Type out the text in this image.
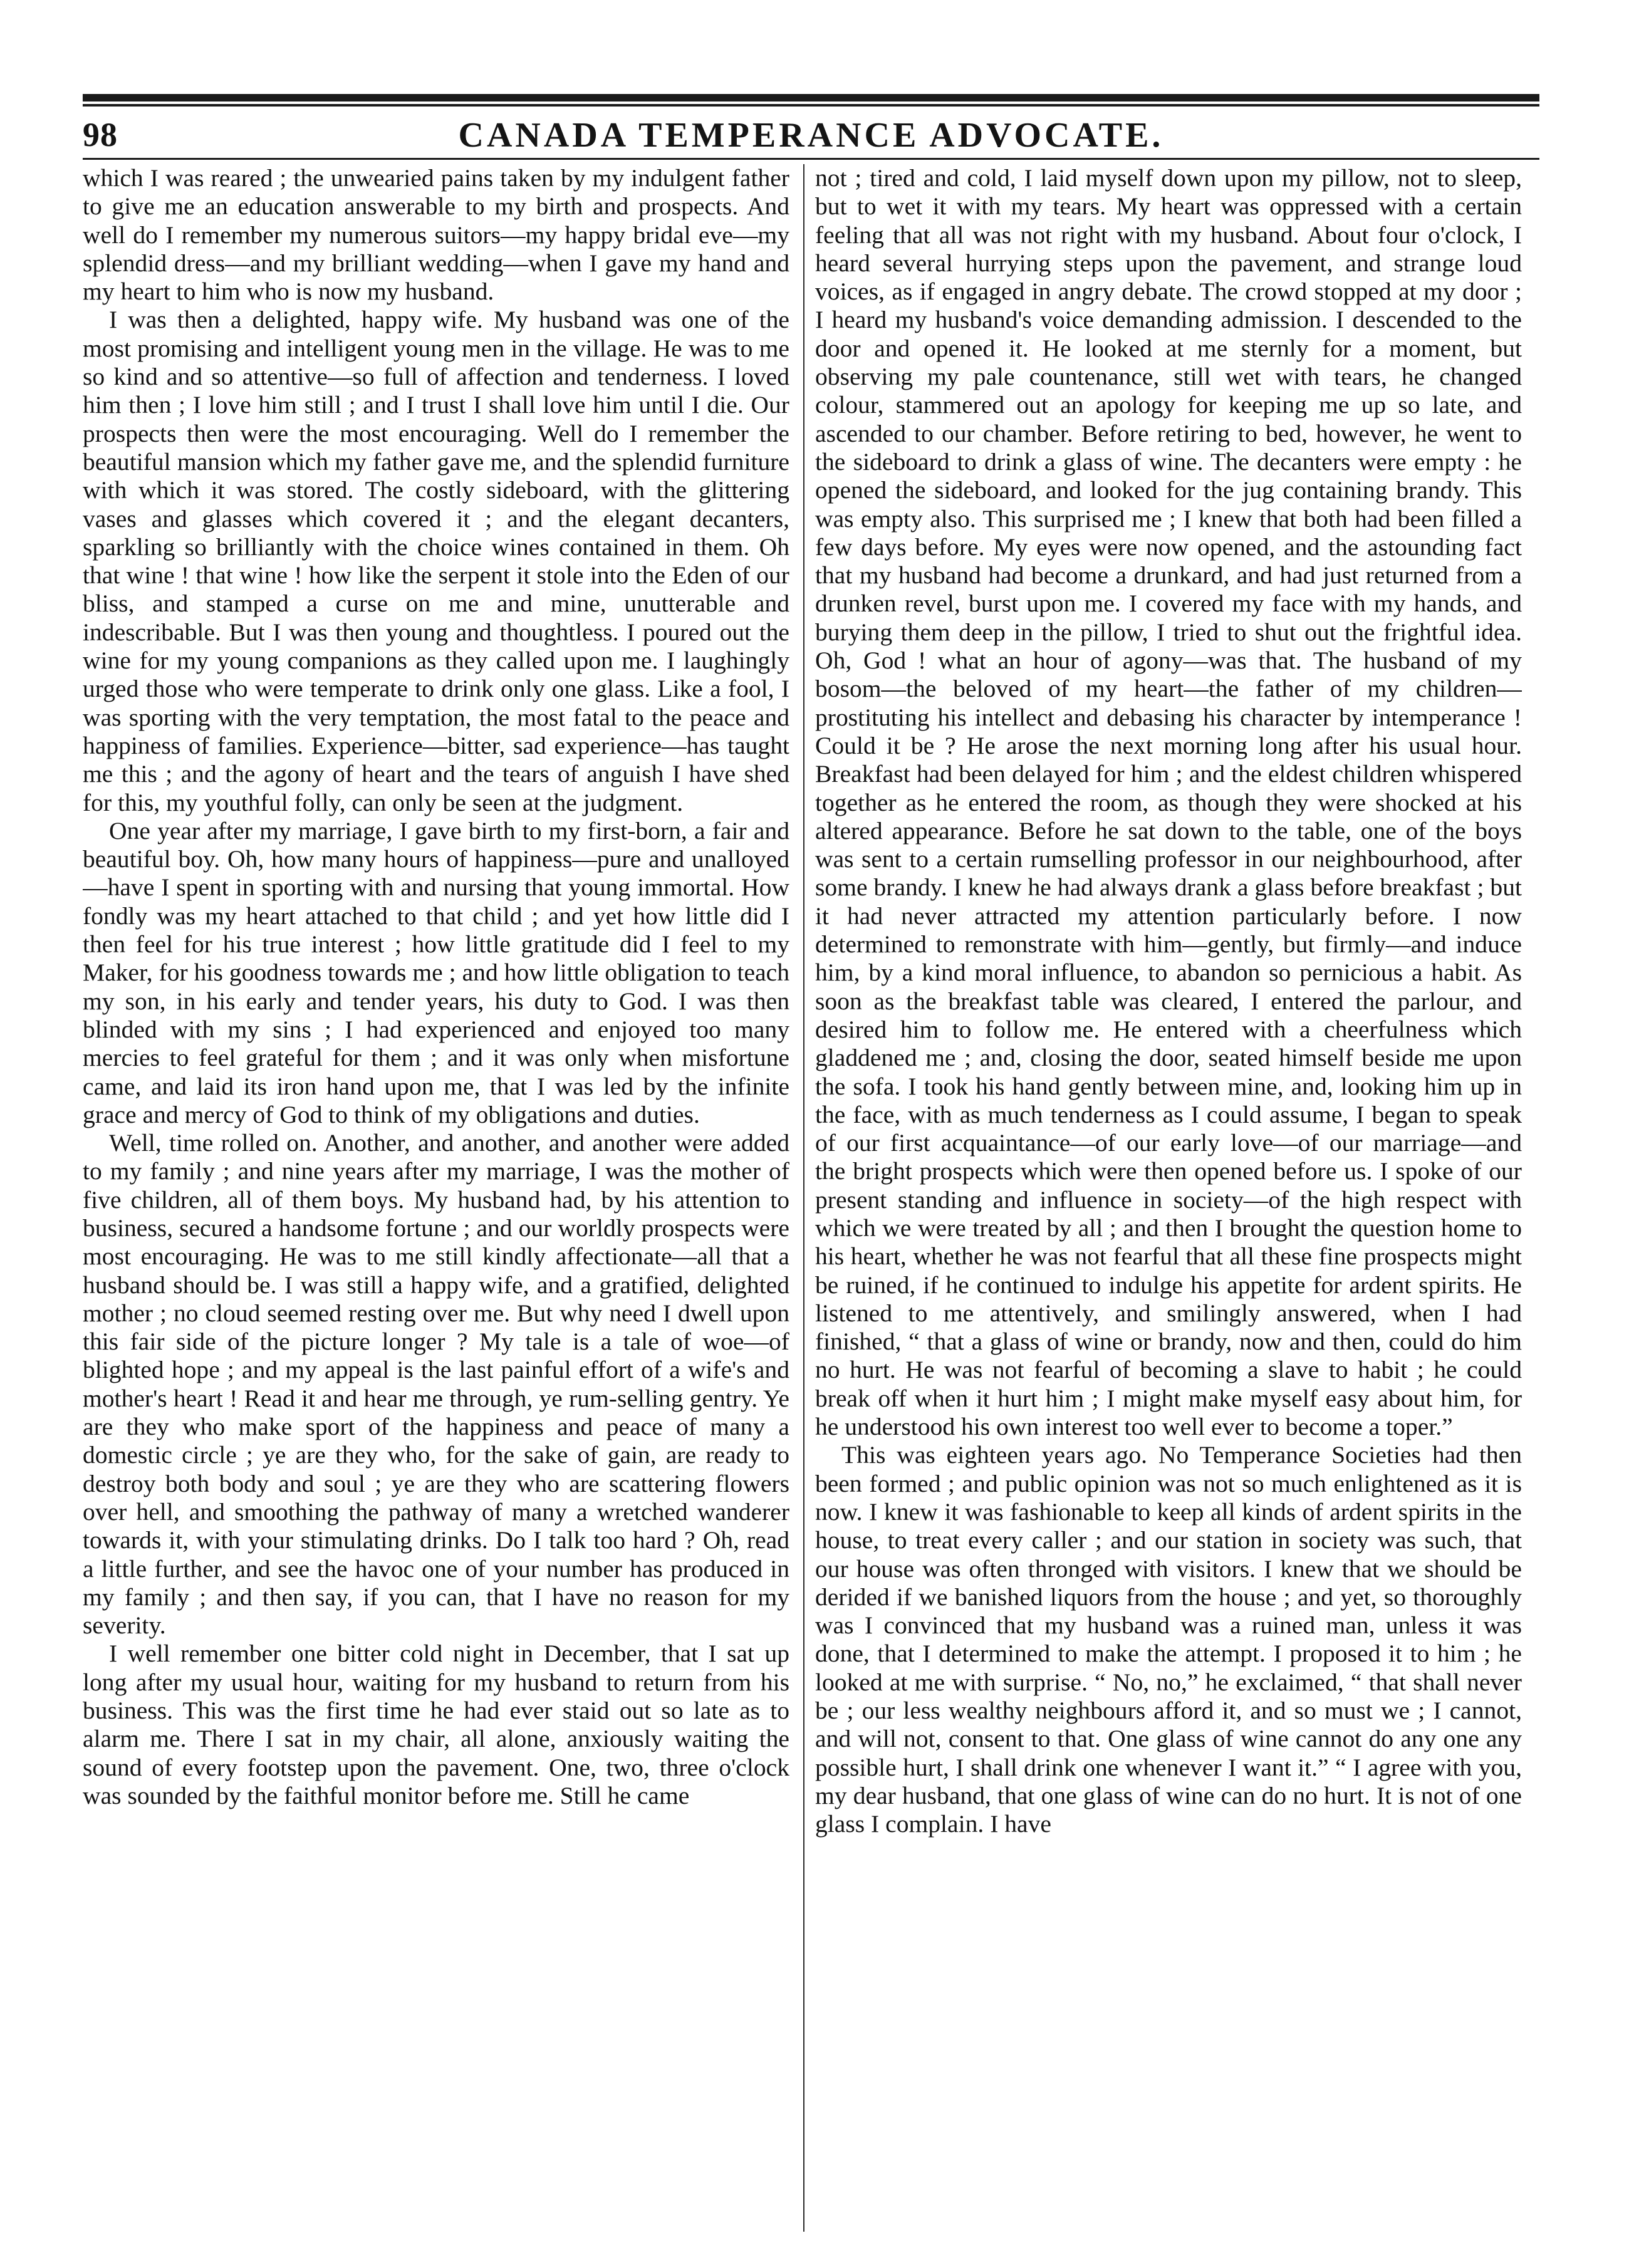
98	CANADA TEMPERANCE ADVOCATE.

which I was reared ; the unwearied pains taken by my indulgent father to give me an education answerable to my birth and prospects. And well do I remember my numerous suitors—my happy bridal eve—my splendid dress—and my brilliant wedding—when I gave my hand and my heart to him who is now my husband.

I was then a delighted, happy wife. My husband was one of the most promising and intelligent young men in the village. He was to me so kind and so attentive—so full of affection and tenderness. I loved him then ; I love him still ; and I trust I shall love him until I die. Our prospects then were the most encouraging. Well do I remember the beautiful mansion which my father gave me, and the splendid furniture with which it was stored. The costly sideboard, with the glittering vases and glasses which covered it ; and the elegant decanters, sparkling so brilliantly with the choice wines contained in them. Oh that wine ! that wine ! how like the serpent it stole into the Eden of our bliss, and stamped a curse on me and mine, unutterable and indescribable. But I was then young and thoughtless. I poured out the wine for my young companions as they called upon me. I laughingly urged those who were temperate to drink only one glass. Like a fool, I was sporting with the very temptation, the most fatal to the peace and happiness of families. Experience—bitter, sad experience—has taught me this ; and the agony of heart and the tears of anguish I have shed for this, my youthful folly, can only be seen at the judgment.

One year after my marriage, I gave birth to my first-born, a fair and beautiful boy. Oh, how many hours of happiness—pure and unalloyed—have I spent in sporting with and nursing that young immortal. How fondly was my heart attached to that child ; and yet how little did I then feel for his true interest ; how little gratitude did I feel to my Maker, for his goodness towards me ; and how little obligation to teach my son, in his early and tender years, his duty to God. I was then blinded with my sins ; I had experienced and enjoyed too many mercies to feel grateful for them ; and it was only when misfortune came, and laid its iron hand upon me, that I was led by the infinite grace and mercy of God to think of my obligations and duties.

Well, time rolled on. Another, and another, and another were added to my family ; and nine years after my marriage, I was the mother of five children, all of them boys. My husband had, by his attention to business, secured a handsome fortune ; and our worldly prospects were most encouraging. He was to me still kindly affectionate—all that a husband should be. I was still a happy wife, and a gratified, delighted mother ; no cloud seemed resting over me. But why need I dwell upon this fair side of the picture longer ? My tale is a tale of woe—of blighted hope ; and my appeal is the last painful effort of a wife's and mother's heart ! Read it and hear me through, ye rum-selling gentry. Ye are they who make sport of the happiness and peace of many a domestic circle ; ye are they who, for the sake of gain, are ready to destroy both body and soul ; ye are they who are scattering flowers over hell, and smoothing the pathway of many a wretched wanderer towards it, with your stimulating drinks. Do I talk too hard ? Oh, read a little further, and see the havoc one of your number has produced in my family ; and then say, if you can, that I have no reason for my severity.

I well remember one bitter cold night in December, that I sat up long after my usual hour, waiting for my husband to return from his business. This was the first time he had ever staid out so late as to alarm me. There I sat in my chair, all alone, anxiously waiting the sound of every footstep upon the pavement. One, two, three o'clock was sounded by the faithful monitor before me. Still he came

not ; tired and cold, I laid myself down upon my pillow, not to sleep, but to wet it with my tears. My heart was oppressed with a certain feeling that all was not right with my husband. About four o'clock, I heard several hurrying steps upon the pavement, and strange loud voices, as if engaged in angry debate. The crowd stopped at my door ; I heard my husband's voice demanding admission. I descended to the door and opened it. He looked at me sternly for a moment, but observing my pale countenance, still wet with tears, he changed colour, stammered out an apology for keeping me up so late, and ascended to our chamber. Before retiring to bed, however, he went to the sideboard to drink a glass of wine. The decanters were empty : he opened the sideboard, and looked for the jug containing brandy. This was empty also. This surprised me ; I knew that both had been filled a few days before. My eyes were now opened, and the astounding fact that my husband had become a drunkard, and had just returned from a drunken revel, burst upon me. I covered my face with my hands, and burying them deep in the pillow, I tried to shut out the frightful idea. Oh, God ! what an hour of agony—was that. The husband of my bosom—the beloved of my heart—the father of my children—prostituting his intellect and debasing his character by intemperance ! Could it be ? He arose the next morning long after his usual hour. Breakfast had been delayed for him ; and the eldest children whispered together as he entered the room, as though they were shocked at his altered appearance. Before he sat down to the table, one of the boys was sent to a certain rumselling professor in our neighbourhood, after some brandy. I knew he had always drank a glass before breakfast ; but it had never attracted my attention particularly before. I now determined to remonstrate with him—gently, but firmly—and induce him, by a kind moral influence, to abandon so pernicious a habit. As soon as the breakfast table was cleared, I entered the parlour, and desired him to follow me. He entered with a cheerfulness which gladdened me ; and, closing the door, seated himself beside me upon the sofa. I took his hand gently between mine, and, looking him up in the face, with as much tenderness as I could assume, I began to speak of our first acquaintance—of our early love—of our marriage—and the bright prospects which were then opened before us. I spoke of our present standing and influence in society—of the high respect with which we were treated by all ; and then I brought the question home to his heart, whether he was not fearful that all these fine prospects might be ruined, if he continued to indulge his appetite for ardent spirits. He listened to me attentively, and smilingly answered, when I had finished, “ that a glass of wine or brandy, now and then, could do him no hurt. He was not fearful of becoming a slave to habit ; he could break off when it hurt him ; I might make myself easy about him, for he understood his own interest too well ever to become a toper.”

This was eighteen years ago. No Temperance Societies had then been formed ; and public opinion was not so much enlightened as it is now. I knew it was fashionable to keep all kinds of ardent spirits in the house, to treat every caller ; and our station in society was such, that our house was often thronged with visitors. I knew that we should be derided if we banished liquors from the house ; and yet, so thoroughly was I convinced that my husband was a ruined man, unless it was done, that I determined to make the attempt. I proposed it to him ; he looked at me with surprise. “ No, no,” he exclaimed, “ that shall never be ; our less wealthy neighbours afford it, and so must we ; I cannot, and will not, consent to that. One glass of wine cannot do any one any possible hurt, I shall drink one whenever I want it.” “ I agree with you, my dear husband, that one glass of wine can do no hurt. It is not of one glass I complain. I have
